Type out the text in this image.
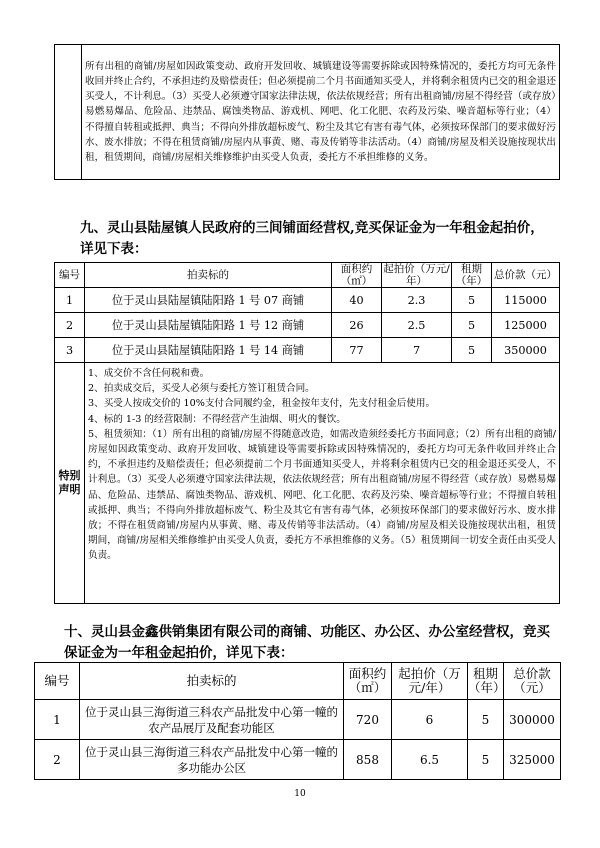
所有出租的商铺/房屋如因政策变动、政府开发回收、城镇建设等需要拆除或因特殊情况的，委托方均可无条件收回并终止合约，不承担违约及赔偿责任；但必须提前二个月书面通知买受人，并将剩余租赁内已交的租金退还买受人，不计利息。（3）买受人必须遵守国家法律法规，依法依规经营；所有出租商铺/房屋不得经营（或存放）易燃易爆品、危险品、违禁品、腐蚀类物品、游戏机、网吧、化工化肥、农药及污染、噪音超标等行业；（4）不得擅自转租或抵押、典当；不得向外排放超标废气、粉尘及其它有害有毒气体，必须按环保部门的要求做好污水、废水排放；不得在租赁商铺/房屋内从事黄、赌、毒及传销等非法活动。（4）商铺/房屋及相关设施按现状出租，租赁期间，商铺/房屋相关维修维护由买受人负责，委托方不承担维修的义务。

九、灵山县陆屋镇人民政府的三间铺面经营权,竞买保证金为一年租金起拍价，详见下表：
编号	拍卖标的	面积约（㎡）	起拍价（万元/年）	租期（年）	总价款（元）
1	位于灵山县陆屋镇陆阳路 1 号 07 商铺	40	2.3	5	115000
2	位于灵山县陆屋镇陆阳路 1 号 12 商铺	26	2.5	5	125000
3	位于灵山县陆屋镇陆阳路 1 号 14 商铺	77	7	5	350000

特别声明	1、成交价不含任何税和费。

2、拍卖成交后，买受人必须与委托方签订租赁合同。

3、买受人按成交价的 10%支付合同履约金，租金按年支付，先支付租金后使用。

4、标的 1-3 的经营限制：不得经营产生油烟、明火的餐饮。

5、租赁须知：（1）所有出租的商铺/房屋不得随意改造，如需改造须经委托方书面同意；（2）所有出租的商铺/房屋如因政策变动、政府开发回收、城镇建设等需要拆除或因特殊情况的，委托方均可无条件收回并终止合约，不承担违约及赔偿责任；但必须提前二个月书面通知买受人，并将剩余租赁内已交的租金退还买受人，不计利息。（3）买受人必须遵守国家法律法规，依法依规经营；所有出租商铺/房屋不得经营（或存放）易燃易爆品、危险品、违禁品、腐蚀类物品、游戏机、网吧、化工化肥、农药及污染、噪音超标等行业；不得擅自转租或抵押、典当；不得向外排放超标废气、粉尘及其它有害有毒气体，必须按环保部门的要求做好污水、废水排放；不得在租赁商铺/房屋内从事黄、赌、毒及传销等非法活动。（4）商铺/房屋及相关设施按现状出租，租赁期间，商铺/房屋相关维修维护由买受人负责，委托方不承担维修的义务。（5）租赁期间一切安全责任由买受人负责。				

十、灵山县金鑫供销集团有限公司的商铺、功能区、办公区、办公室经营权，竞买保证金为一年租金起拍价，详见下表：
编号	拍卖标的	面积约（㎡）	起拍价（万元/年）	租期（年）	总价款（元）
1	位于灵山县三海街道三科农产品批发中心第一幢的农产品展厅及配套功能区	720	6	5	300000
2	位于灵山县三海街道三科农产品批发中心第一幢的多功能办公区	858	6.5	5	325000
10
